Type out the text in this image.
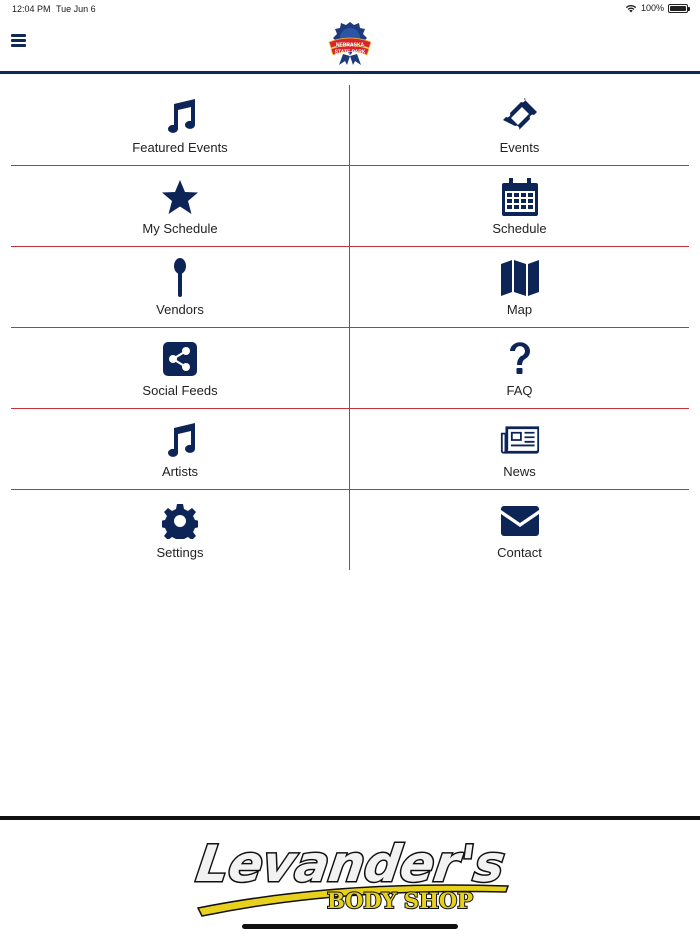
12:04 PM Tue Jun 6	100%
NEBRASKA
STATE PARK
Featured Events	Events
My Schedule	Schedule
Vendors	Map
Social Feeds	FAQ
Artists	News
Settings	Contact
Levander's
BODY SHOP
